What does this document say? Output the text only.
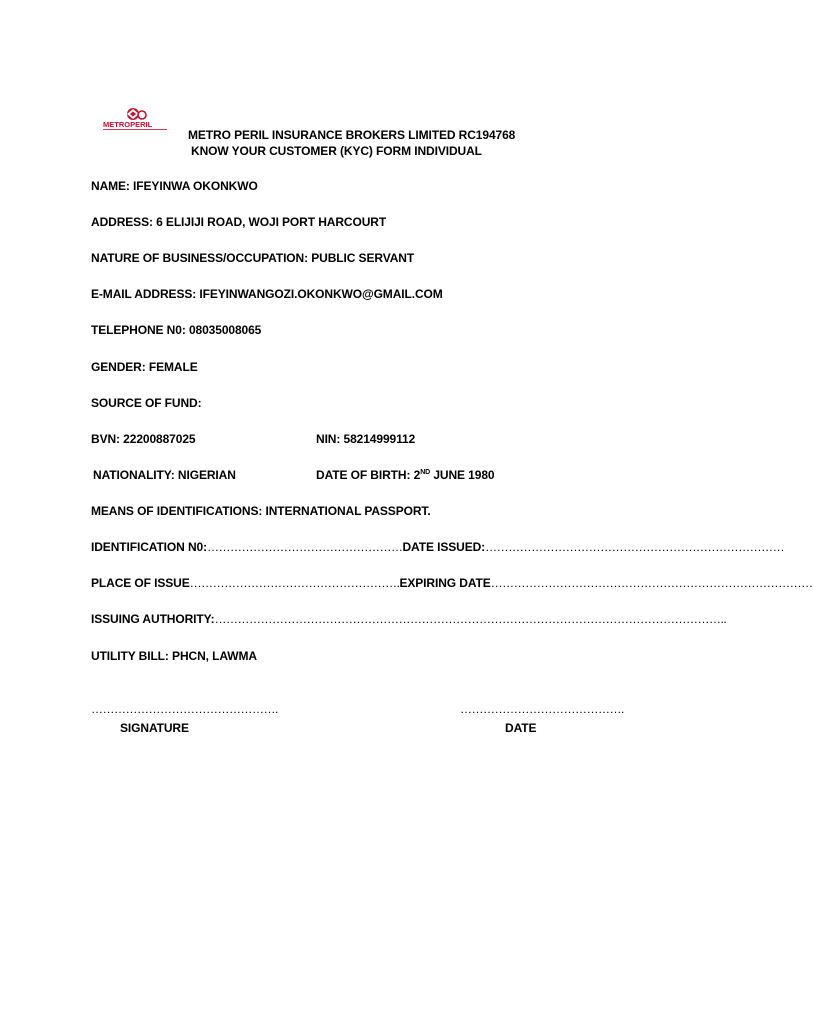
METROPERIL
METRO PERIL INSURANCE BROKERS LIMITED RC194768
KNOW YOUR CUSTOMER (KYC) FORM INDIVIDUAL
NAME: IFEYINWA OKONKWO
ADDRESS: 6 ELIJIJI ROAD, WOJI PORT HARCOURT
NATURE OF BUSINESS/OCCUPATION: PUBLIC SERVANT
E-MAIL ADDRESS: IFEYINWANGOZI.OKONKWO@GMAIL.COM
TELEPHONE N0: 08035008065
GENDER: FEMALE
SOURCE OF FUND:
BVN: 22200887025	NIN: 58214999112
NATIONALITY: NIGERIAN	DATE OF BIRTH: 2ND JUNE 1980
MEANS OF IDENTIFICATIONS: INTERNATIONAL PASSPORT.
IDENTIFICATION N0:……………………………………………DATE ISSUED:……………………………………………………………………
PLACE OF ISSUE……………………………………………….EXPIRING DATE…………………………………………………………………………
ISSUING AUTHORITY:……………………………………………………………………………………………………………………..
UTILITY BILL: PHCN, LAWMA
………………………………………….
SIGNATURE
…………………………………….
DATE
